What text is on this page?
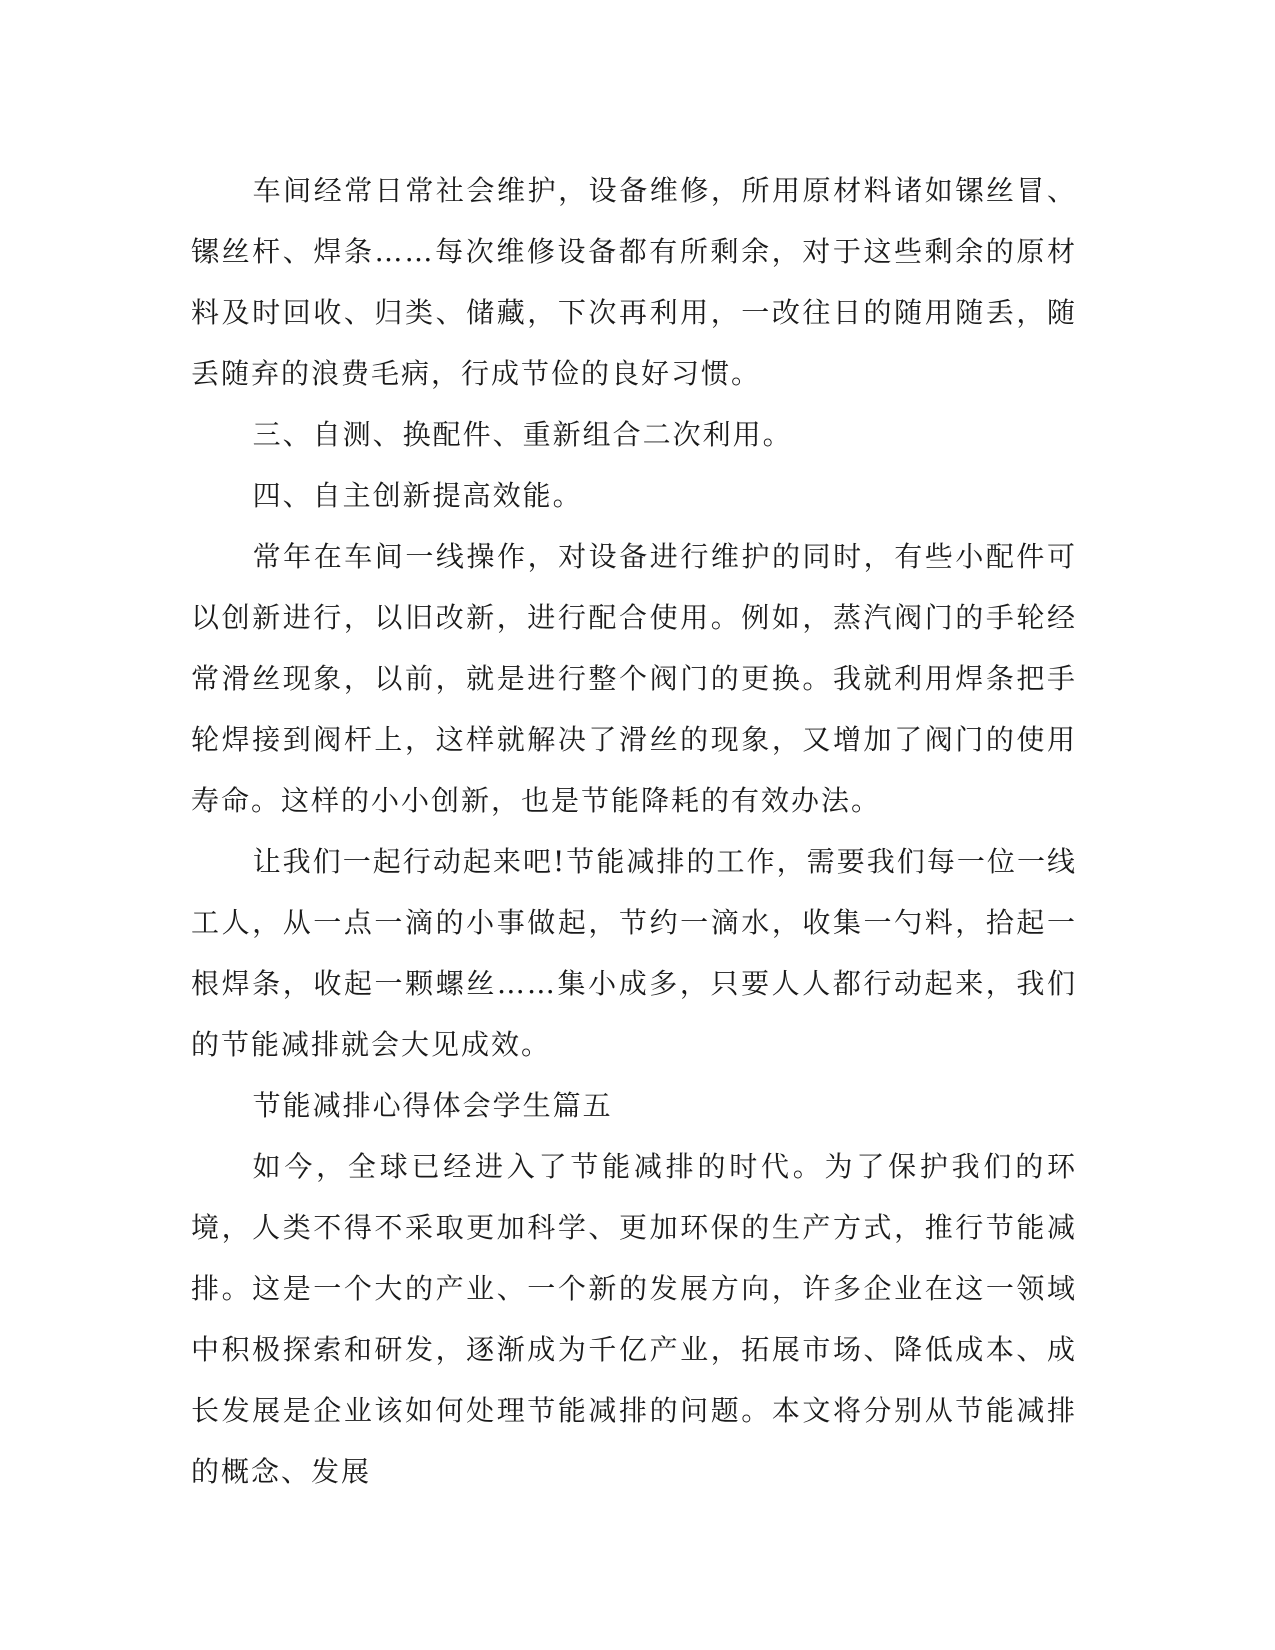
车间经常日常社会维护，设备维修，所用原材料诸如镙丝冒、镙丝杆、焊条……每次维修设备都有所剩余，对于这些剩余的原材料及时回收、归类、储藏，下次再利用，一改往日的随用随丢，随丢随弃的浪费毛病，行成节俭的良好习惯。

三、自测、换配件、重新组合二次利用。

四、自主创新提高效能。

常年在车间一线操作，对设备进行维护的同时，有些小配件可以创新进行，以旧改新，进行配合使用。例如，蒸汽阀门的手轮经常滑丝现象，以前，就是进行整个阀门的更换。我就利用焊条把手轮焊接到阀杆上，这样就解决了滑丝的现象，又增加了阀门的使用寿命。这样的小小创新，也是节能降耗的有效办法。

让我们一起行动起来吧!节能减排的工作，需要我们每一位一线工人，从一点一滴的小事做起，节约一滴水，收集一勺料，拾起一根焊条，收起一颗螺丝……集小成多，只要人人都行动起来，我们的节能减排就会大见成效。

节能减排心得体会学生篇五

如今，全球已经进入了节能减排的时代。为了保护我们的环境，人类不得不采取更加科学、更加环保的生产方式，推行节能减排。这是一个大的产业、一个新的发展方向，许多企业在这一领域中积极探索和研发，逐渐成为千亿产业，拓展市场、降低成本、成长发展是企业该如何处理节能减排的问题。本文将分别从节能减排的概念、发展
